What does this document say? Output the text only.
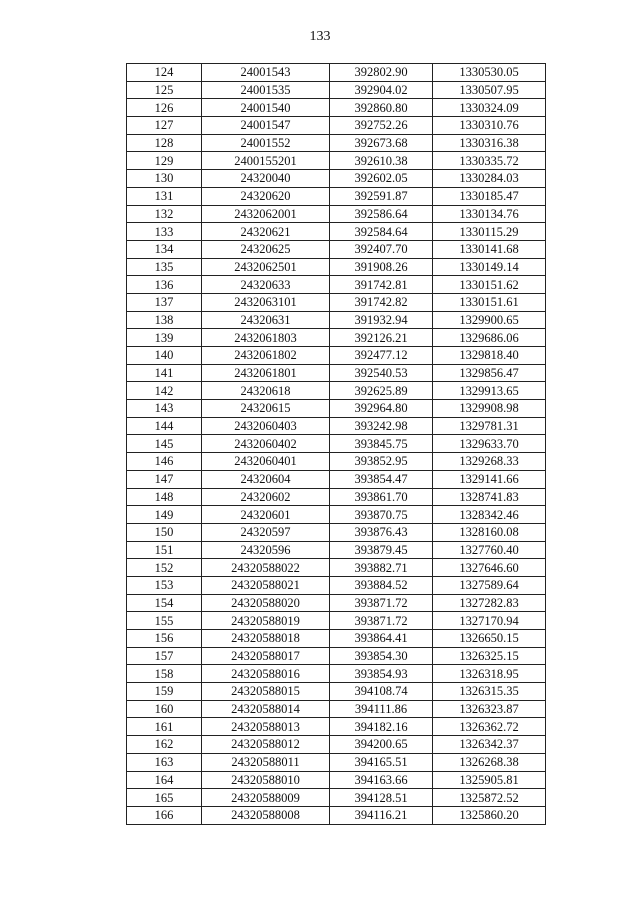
133
124	24001543	392802.90	1330530.05
125	24001535	392904.02	1330507.95
126	24001540	392860.80	1330324.09
127	24001547	392752.26	1330310.76
128	24001552	392673.68	1330316.38
129	2400155201	392610.38	1330335.72
130	24320040	392602.05	1330284.03
131	24320620	392591.87	1330185.47
132	2432062001	392586.64	1330134.76
133	24320621	392584.64	1330115.29
134	24320625	392407.70	1330141.68
135	2432062501	391908.26	1330149.14
136	24320633	391742.81	1330151.62
137	2432063101	391742.82	1330151.61
138	24320631	391932.94	1329900.65
139	2432061803	392126.21	1329686.06
140	2432061802	392477.12	1329818.40
141	2432061801	392540.53	1329856.47
142	24320618	392625.89	1329913.65
143	24320615	392964.80	1329908.98
144	2432060403	393242.98	1329781.31
145	2432060402	393845.75	1329633.70
146	2432060401	393852.95	1329268.33
147	24320604	393854.47	1329141.66
148	24320602	393861.70	1328741.83
149	24320601	393870.75	1328342.46
150	24320597	393876.43	1328160.08
151	24320596	393879.45	1327760.40
152	24320588022	393882.71	1327646.60
153	24320588021	393884.52	1327589.64
154	24320588020	393871.72	1327282.83
155	24320588019	393871.72	1327170.94
156	24320588018	393864.41	1326650.15
157	24320588017	393854.30	1326325.15
158	24320588016	393854.93	1326318.95
159	24320588015	394108.74	1326315.35
160	24320588014	394111.86	1326323.87
161	24320588013	394182.16	1326362.72
162	24320588012	394200.65	1326342.37
163	24320588011	394165.51	1326268.38
164	24320588010	394163.66	1325905.81
165	24320588009	394128.51	1325872.52
166	24320588008	394116.21	1325860.20
